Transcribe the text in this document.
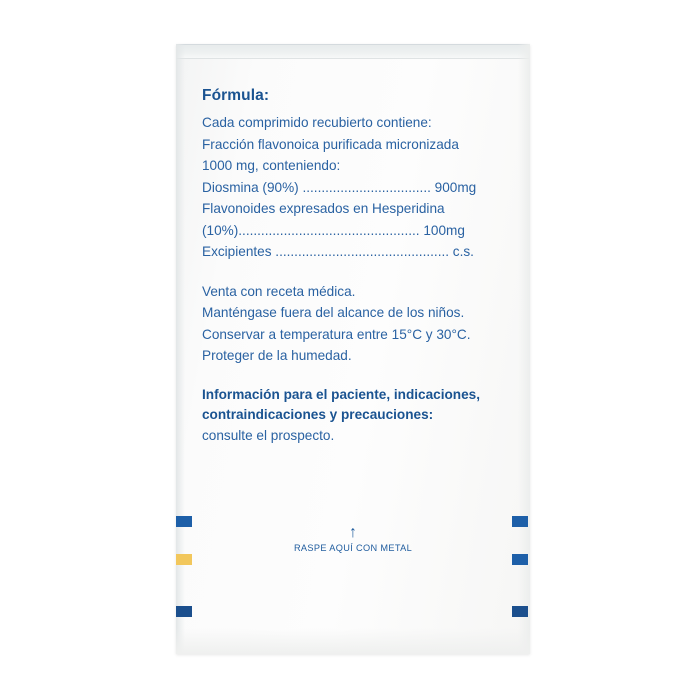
Fórmula:
Cada comprimido recubierto contiene:
Fracción flavonoica purificada micronizada
1000 mg, conteniendo:
Diosmina (90%) .................................. 900mg
Flavonoides expresados en Hesperidina
(10%)................................................ 100mg
Excipientes .............................................. c.s.
Venta con receta médica.
Manténgase fuera del alcance de los niños.
Conservar a temperatura entre 15°C y 30°C.
Proteger de la humedad.
Información para el paciente, indicaciones,
contraindicaciones y precauciones:
consulte el prospecto.
↑
RASPE AQUÍ CON METAL
